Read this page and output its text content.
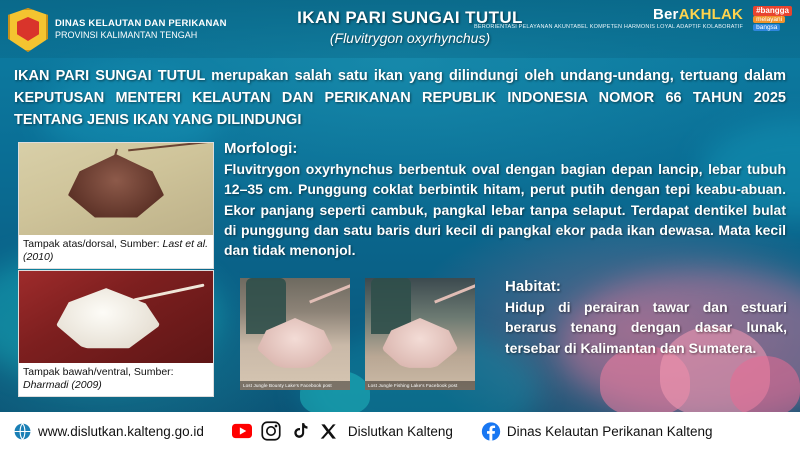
DINAS KELAUTAN DAN PERIKANAN
PROVINSI KALIMANTAN TENGAH
IKAN PARI SUNGAI TUTUL
(Fluvitrygon oxyrhynchus)
BerAKHLAK
BERORIENTASI PELAYANAN AKUNTABEL KOMPETEN HARMONIS LOYAL ADAPTIF KOLABORATIF
#bangga
melayani
bangsa
IKAN PARI SUNGAI TUTUL merupakan salah satu ikan yang dilindungi oleh undang-undang, tertuang dalam KEPUTUSAN MENTERI KELAUTAN DAN PERIKANAN REPUBLIK INDONESIA NOMOR 66 TAHUN 2025 TENTANG JENIS IKAN YANG DILINDUNGI
Tampak atas/dorsal, Sumber: Last et al. (2010)
Tampak bawah/ventral, Sumber: Dharmadi (2009)
Morfologi:
Fluvitrygon oxyrhynchus berbentuk oval dengan bagian depan lancip, lebar tubuh 12–35 cm. Punggung coklat berbintik hitam, perut putih dengan tepi keabu-abuan. Ekor panjang seperti cambuk, pangkal lebar tanpa selaput. Terdapat dentikel bulat di punggung dan satu baris duri kecil di pangkal ekor pada ikan dewasa. Mata kecil dan tidak menonjol.
Habitat:
Hidup di perairan tawar dan estuari berarus tenang dengan dasar lunak, tersebar di Kalimantan dan Sumatera.
Lost Jungle Bounty Lake's Facebook post	Lost Jungle Fishing Lake's Facebook post
www.dislutkan.kalteng.go.id	Dislutkan Kalteng	Dinas Kelautan Perikanan Kalteng
